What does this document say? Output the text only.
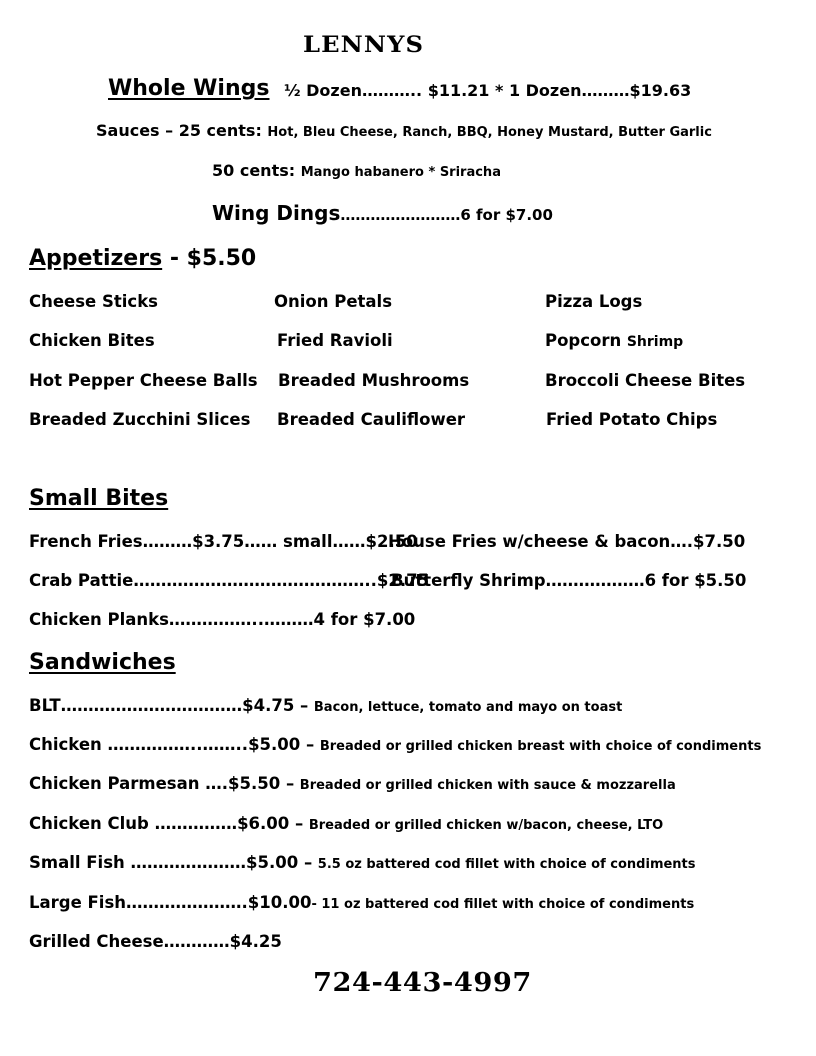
LENNYS
Whole Wings ½ Dozen……….. $11.21 * 1 Dozen………$19.63
Sauces – 25 cents: Hot, Bleu Cheese, Ranch, BBQ, Honey Mustard, Butter Garlic
50 cents: Mango habanero * Sriracha
Wing Dings……………………6 for $7.00
Appetizers - $5.50
Cheese Sticks
Chicken Bites
Hot Pepper Cheese Balls
Breaded Zucchini Slices
Onion Petals
Fried Ravioli
Breaded Mushrooms
Breaded Cauliflower
Pizza Logs
Popcorn Shrimp
Broccoli Cheese Bites
Fried Potato Chips
Small Bites
French Fries………$3.75…… small……$2.50
House Fries w/cheese & bacon….$7.50
Crab Pattie……………………………………..$2.75
Butterfly Shrimp………………6 for $5.50
Chicken Planks……………..………4 for $7.00
Sandwiches
BLT……………………………$4.75 – Bacon, lettuce, tomato and mayo on toast
Chicken ……………..……..$5.00 – Breaded or grilled chicken breast with choice of condiments
Chicken Parmesan ….$5.50 – Breaded or grilled chicken with sauce & mozzarella
Chicken Club ……………$6.00 – Breaded or grilled chicken w/bacon, cheese, LTO
Small Fish …………………$5.00 – 5.5 oz battered cod fillet with choice of condiments
Large Fish………………….$10.00- 11 oz battered cod fillet with choice of condiments
Grilled Cheese…………$4.25
724-443-4997
